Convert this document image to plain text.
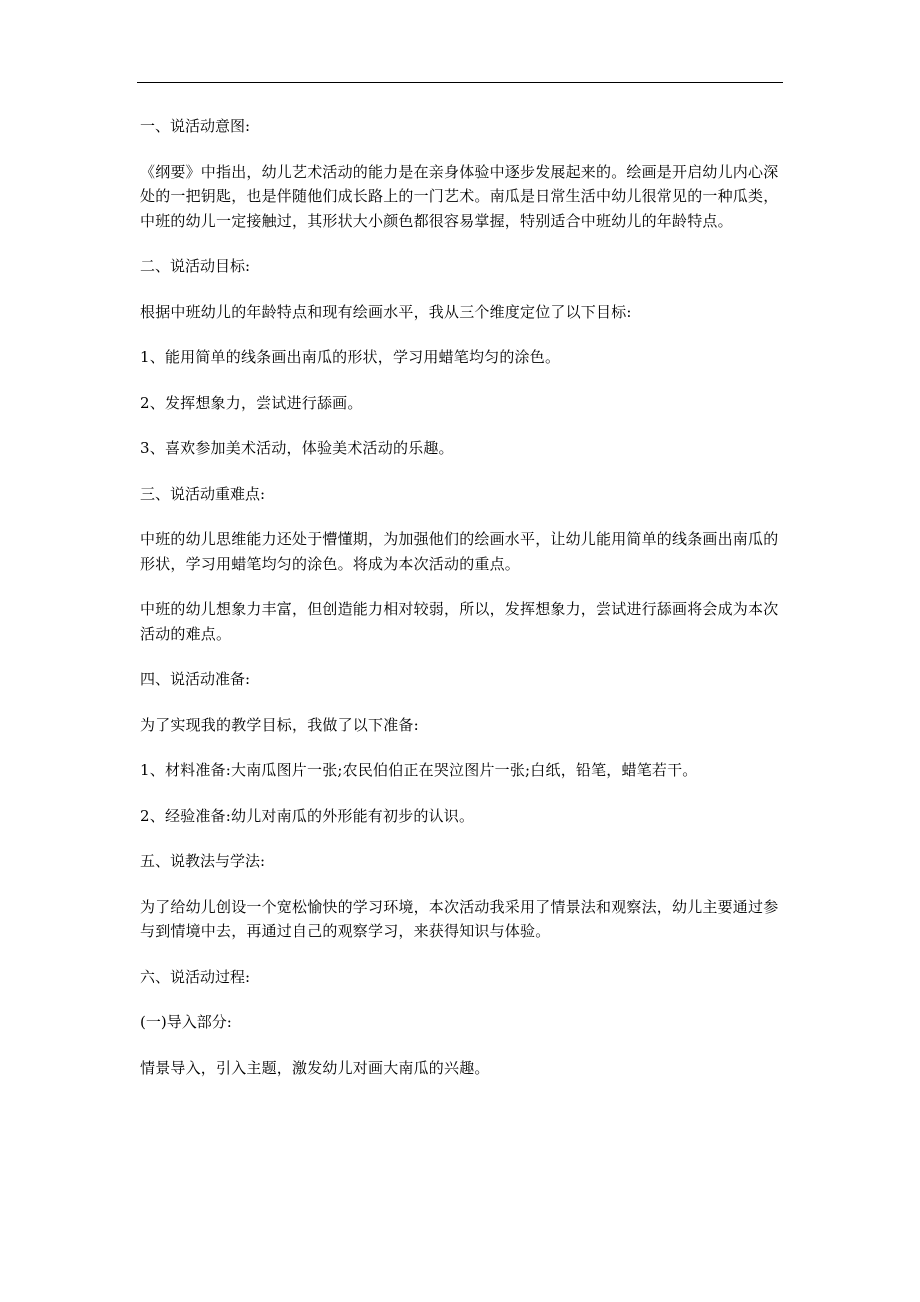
一、说活动意图:

《纲要》中指出，幼儿艺术活动的能力是在亲身体验中逐步发展起来的。绘画是开启幼儿内心深处的一把钥匙，也是伴随他们成长路上的一门艺术。南瓜是日常生活中幼儿很常见的一种瓜类，中班的幼儿一定接触过，其形状大小颜色都很容易掌握，特别适合中班幼儿的年龄特点。

二、说活动目标:

根据中班幼儿的年龄特点和现有绘画水平，我从三个维度定位了以下目标:

1、能用简单的线条画出南瓜的形状，学习用蜡笔均匀的涂色。

2、发挥想象力，尝试进行舔画。

3、喜欢参加美术活动，体验美术活动的乐趣。

三、说活动重难点:

中班的幼儿思维能力还处于懵懂期，为加强他们的绘画水平，让幼儿能用简单的线条画出南瓜的形状，学习用蜡笔均匀的涂色。将成为本次活动的重点。

中班的幼儿想象力丰富，但创造能力相对较弱，所以，发挥想象力，尝试进行舔画将会成为本次活动的难点。

四、说活动准备:

为了实现我的教学目标，我做了以下准备:

1、材料准备:大南瓜图片一张;农民伯伯正在哭泣图片一张;白纸，铅笔，蜡笔若干。

2、经验准备:幼儿对南瓜的外形能有初步的认识。

五、说教法与学法:

为了给幼儿创设一个宽松愉快的学习环境，本次活动我采用了情景法和观察法，幼儿主要通过参与到情境中去，再通过自己的观察学习，来获得知识与体验。

六、说活动过程:

(一)导入部分:

情景导入，引入主题，激发幼儿对画大南瓜的兴趣。
